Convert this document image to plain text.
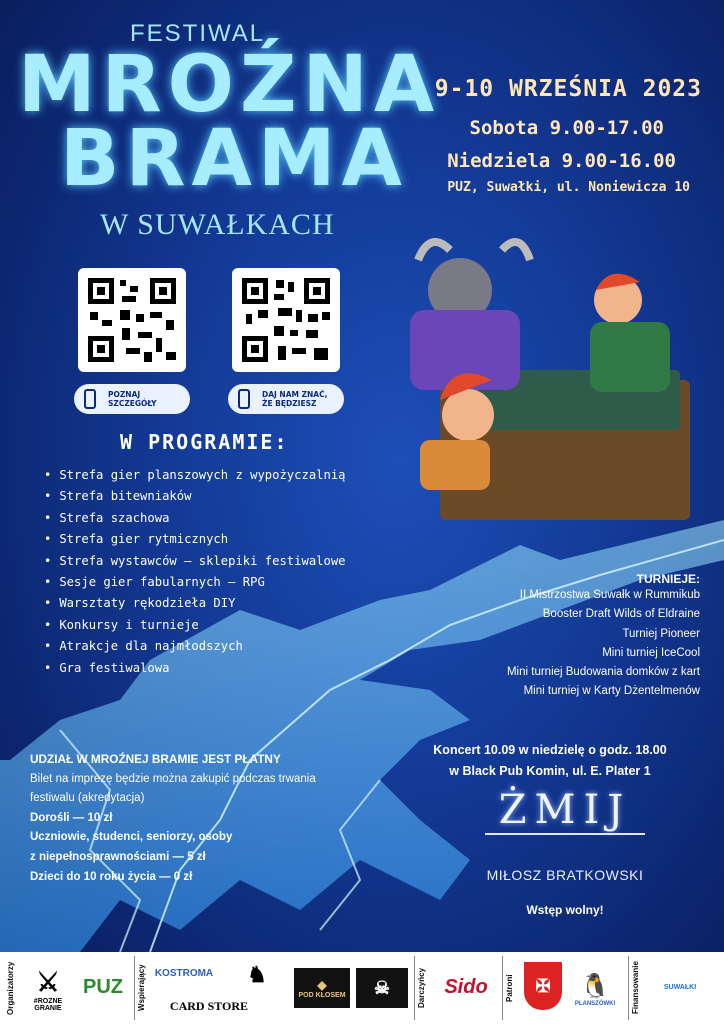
FESTIWAL
MROŹNA
BRAMA
W SUWAŁKACH
9-10 WRZEŚNIA 2023
Sobota 9.00-17.00
Niedziela 9.00-16.00
PUZ, Suwałki, ul. Noniewicza 10
POZNAJ SZCZEGÓŁY
DAJ NAM ZNAĆ,
ŻE BĘDZIESZ
W PROGRAMIE:
• Strefa gier planszowych z wypożyczalnią
• Strefa bitewniaków
• Strefa szachowa
• Strefa gier rytmicznych
• Strefa wystawców — sklepiki festiwalowe
• Sesje gier fabularnych — RPG
• Warsztaty rękodzieła DIY
• Konkursy i turnieje
• Atrakcje dla najmłodszych
• Gra festiwalowa
TURNIEJE:
II Mistrzostwa Suwałk w Rummikub
Booster Draft Wilds of Eldraine
Turniej Pioneer
Mini turniej IceCool
Mini turniej Budowania domków z kart
Mini turniej w Karty Dżentelmenów
UDZIAŁ W MROŹNEJ BRAMIE JEST PŁATNY
Bilet na imprezę będzie można zakupić podczas trwania festiwalu (akredytacja)
Dorośli — 10 zł
Uczniowie, studenci, seniorzy, osoby
z niepełnosprawnościami — 5 zł
Dzieci do 10 roku życia — 0 zł
Koncert 10.09 w niedzielę o godz. 18.00
w Black Pub Komin, ul. E. Plater 1
ŻMIJ
MIŁOSZ BRATKOWSKI
Wstęp wolny!
Organizatorzy ⚔
#ROZNE GRANIE
PUZ	Wspierający KOSTROMA
CARD STORE
♞	◆
POD KŁOSEM	☠	Darczyńcy Sido	Patroni	✠	🐧
PLANSZÓWKI Finansowanie	SUWAŁKI
